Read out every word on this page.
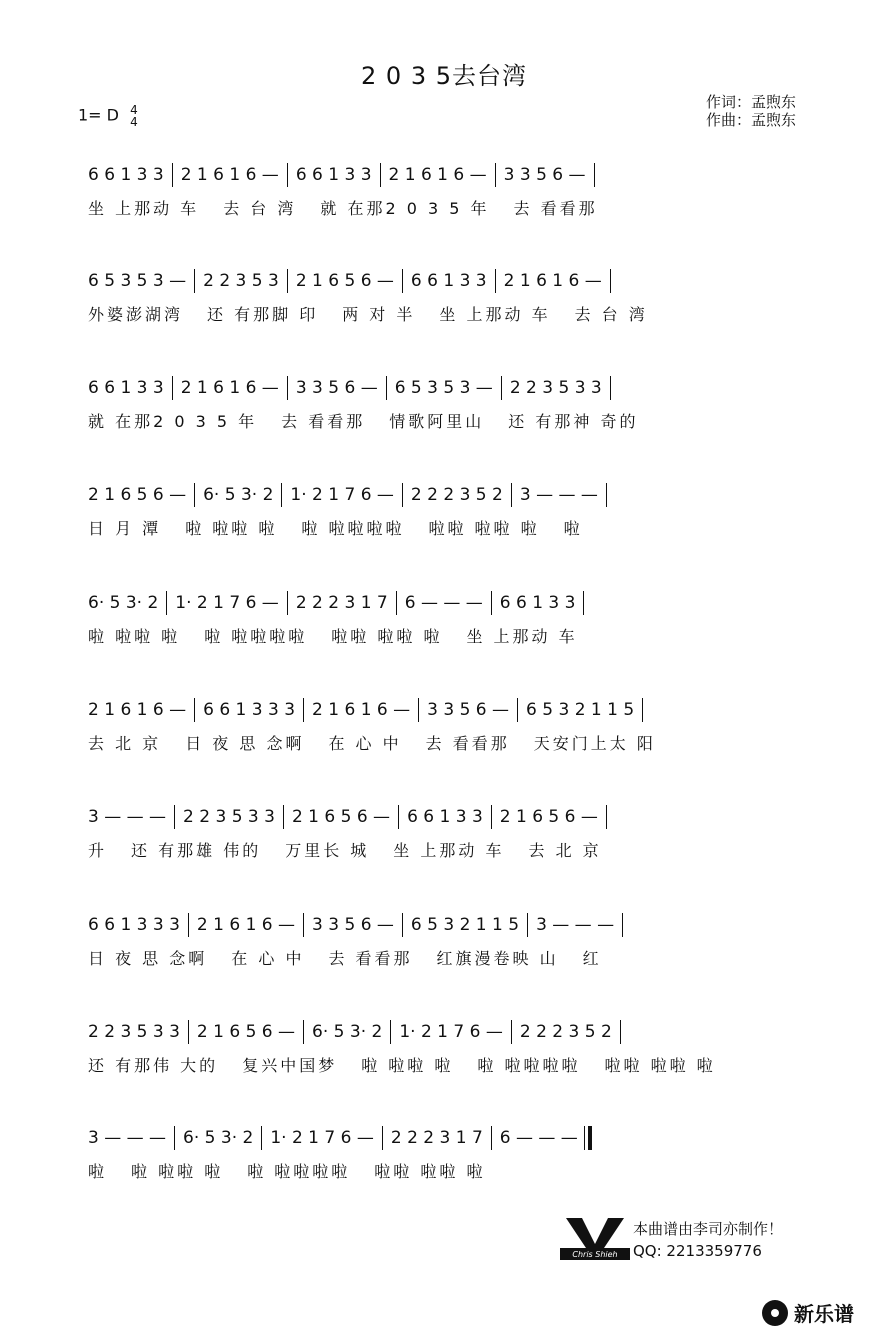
2 0 3 5去台湾
1= D 4
4
作词：孟煦东
作曲：孟煦东
6 6 1 3 3 2 1 6 1 6 — 6 6 1 3 3 2 1 6 1 6 — 3 3 5 6 —
坐 上那动 车 去 台 湾 就 在那2 0 3 5 年 去 看看那
6 5 3 5 3 — 2 2 3 5 3 2 1 6 5 6 — 6 6 1 3 3 2 1 6 1 6 —
外婆澎湖湾 还 有那脚 印 两 对 半 坐 上那动 车 去 台 湾
6 6 1 3 3 2 1 6 1 6 — 3 3 5 6 — 6 5 3 5 3 — 2 2 3 5 3 3
就 在那2 0 3 5 年 去 看看那 情歌阿里山 还 有那神 奇的
2 1 6 5 6 — 6· 5 3· 2 1· 2 1 7 6 — 2 2 2 3 5 2 3 — — —
日 月 潭 啦 啦啦 啦 啦 啦啦啦啦 啦啦 啦啦 啦 啦
6· 5 3· 2 1· 2 1 7 6 — 2 2 2 3 1 7 6 — — — 6 6 1 3 3
啦 啦啦 啦 啦 啦啦啦啦 啦啦 啦啦 啦 坐 上那动 车
2 1 6 1 6 — 6 6 1 3 3 3 2 1 6 1 6 — 3 3 5 6 — 6 5 3 2 1 1 5
去 北 京 日 夜 思 念啊 在 心 中 去 看看那 天安门上太 阳
3 — — — 2 2 3 5 3 3 2 1 6 5 6 — 6 6 1 3 3 2 1 6 5 6 —
升 还 有那雄 伟的 万里长 城 坐 上那动 车 去 北 京
6 6 1 3 3 3 2 1 6 1 6 — 3 3 5 6 — 6 5 3 2 1 1 5 3 — — —
日 夜 思 念啊 在 心 中 去 看看那 红旗漫卷映 山 红
2 2 3 5 3 3 2 1 6 5 6 — 6· 5 3· 2 1· 2 1 7 6 — 2 2 2 3 5 2
还 有那伟 大的 复兴中国梦 啦 啦啦 啦 啦 啦啦啦啦 啦啦 啦啦 啦
3 — — — 6· 5 3· 2 1· 2 1 7 6 — 2 2 2 3 1 7 6 — — —
啦 啦 啦啦 啦 啦 啦啦啦啦 啦啦 啦啦 啦
Chris Shieh
本曲谱由李司亦制作！
QQ: 2213359776
新乐谱
